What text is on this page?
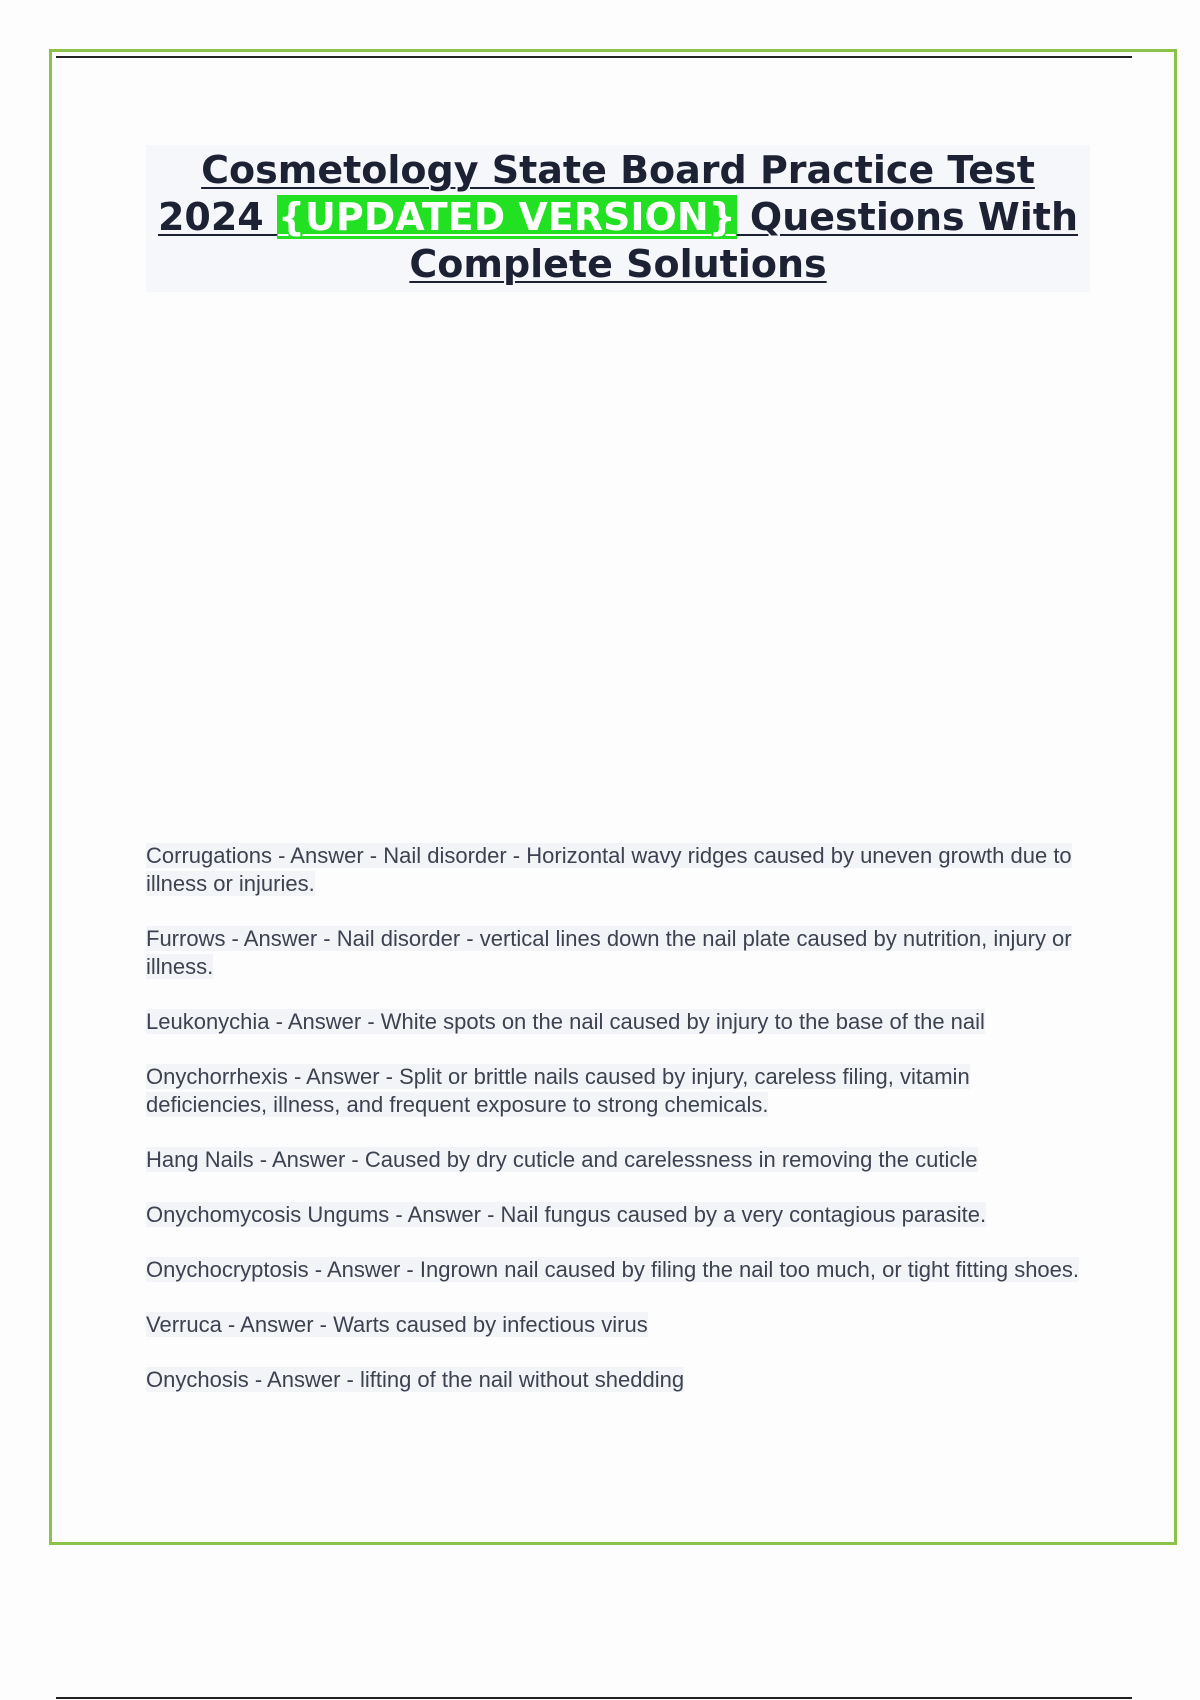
Cosmetology State Board Practice Test
2024 {UPDATED VERSION} Questions With
Complete Solutions

Corrugations - Answer - Nail disorder - Horizontal wavy ridges caused by uneven growth due to illness or injuries.

Furrows - Answer - Nail disorder - vertical lines down the nail plate caused by nutrition, injury or illness.

Leukonychia - Answer - White spots on the nail caused by injury to the base of the nail

Onychorrhexis - Answer - Split or brittle nails caused by injury, careless filing, vitamin deficiencies, illness, and frequent exposure to strong chemicals.

Hang Nails - Answer - Caused by dry cuticle and carelessness in removing the cuticle

Onychomycosis Ungums - Answer - Nail fungus caused by a very contagious parasite.

Onychocryptosis - Answer - Ingrown nail caused by filing the nail too much, or tight fitting shoes.

Verruca - Answer - Warts caused by infectious virus

Onychosis - Answer - lifting of the nail without shedding
